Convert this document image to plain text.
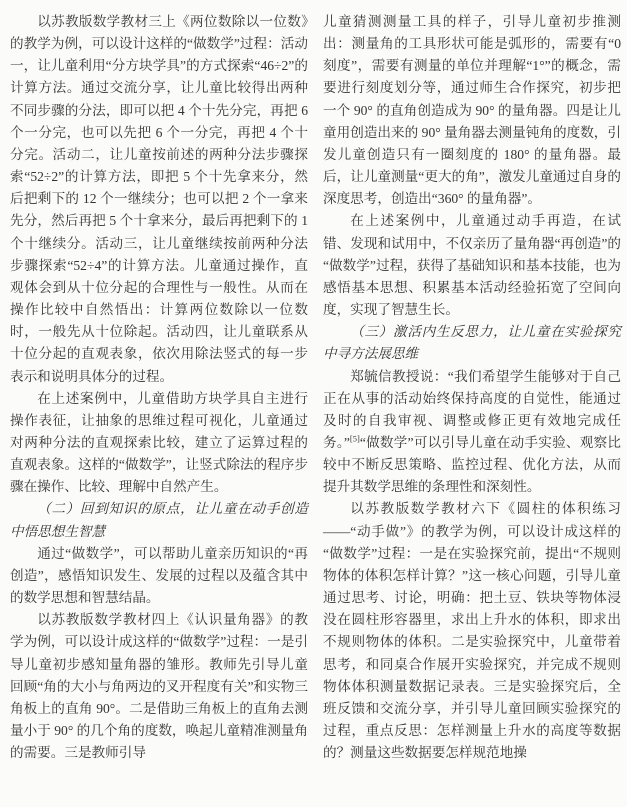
以苏教版数学教材三上《两位数除以一位数》的教学为例，可以设计这样的“做数学”过程：活动一，让儿童利用“分方块学具”的方式探索“46÷2”的计算方法。通过交流分享，让儿童比较得出两种不同步骤的分法，即可以把 4 个十先分完，再把 6 个一分完，也可以先把 6 个一分完，再把 4 个十分完。活动二，让儿童按前述的两种分法步骤探索“52÷2”的计算方法，即把 5 个十先拿来分，然后把剩下的 12 个一继续分；也可以把 2 个一拿来先分，然后再把 5 个十拿来分，最后再把剩下的 1 个十继续分。活动三，让儿童继续按前两种分法步骤探索“52÷4”的计算方法。儿童通过操作，直观体会到从十位分起的合理性与一般性。从而在操作比较中自然悟出：计算两位数除以一位数时，一般先从十位除起。活动四，让儿童联系从十位分起的直观表象，依次用除法竖式的每一步表示和说明具体分的过程。

在上述案例中，儿童借助方块学具自主进行操作表征，让抽象的思维过程可视化，儿童通过对两种分法的直观探索比较，建立了运算过程的直观表象。这样的“做数学”，让竖式除法的程序步骤在操作、比较、理解中自然产生。

（二）回到知识的原点，让儿童在动手创造中悟思想生智慧

通过“做数学”，可以帮助儿童亲历知识的“再创造”，感悟知识发生、发展的过程以及蕴含其中的数学思想和智慧结晶。

以苏教版数学教材四上《认识量角器》的教学为例，可以设计成这样的“做数学”过程：一是引导儿童初步感知量角器的雏形。教师先引导儿童回顾“角的大小与角两边的叉开程度有关”和实物三角板上的直角 90°。二是借助三角板上的直角去测量小于 90° 的几个角的度数，唤起儿童精准测量角的需要。三是教师引导

儿童猜测测量工具的样子，引导儿童初步推测出：测量角的工具形状可能是弧形的，需要有“0刻度”，需要有测量的单位并理解“1°”的概念，需要进行刻度划分等，通过师生合作探究，初步把一个 90° 的直角创造成为 90° 的量角器。四是让儿童用创造出来的 90° 量角器去测量钝角的度数，引发儿童创造只有一圈刻度的 180° 的量角器。最后，让儿童测量“更大的角”，激发儿童通过自身的深度思考，创造出“360° 的量角器”。

在上述案例中，儿童通过动手再造，在试错、发现和试用中，不仅亲历了量角器“再创造”的“做数学”过程，获得了基础知识和基本技能，也为感悟基本思想、积累基本活动经验拓宽了空间向度，实现了智慧生长。

（三）激活内生反思力，让儿童在实验探究中寻方法展思维

郑毓信教授说：“我们希望学生能够对于自己正在从事的活动始终保持高度的自觉性，能通过及时的自我审视、调整或修正更有效地完成任务。”[5]“做数学”可以引导儿童在动手实验、观察比较中不断反思策略、监控过程、优化方法，从而提升其数学思维的条理性和深刻性。

以苏教版数学教材六下《圆柱的体积练习——“动手做”》的教学为例，可以设计成这样的“做数学”过程：一是在实验探究前，提出“不规则物体的体积怎样计算？”这一核心问题，引导儿童通过思考、讨论，明确：把土豆、铁块等物体浸没在圆柱形容器里，求出上升水的体积，即求出不规则物体的体积。二是实验探究中，儿童带着思考，和同桌合作展开实验探究，并完成不规则物体体积测量数据记录表。三是实验探究后，全班反馈和交流分享，并引导儿童回顾实验探究的过程，重点反思：怎样测量上升水的高度等数据的？测量这些数据要怎样规范地操
